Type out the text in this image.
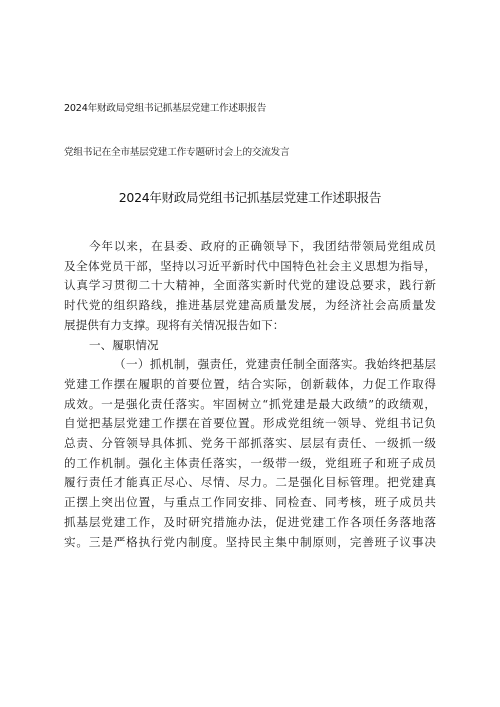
2024年财政局党组书记抓基层党建工作述职报告
党组书记在全市基层党建工作专题研讨会上的交流发言
2024年财政局党组书记抓基层党建工作述职报告
今年以来，在县委、政府的正确领导下，我团结带领局党组成员
及全体党员干部，坚持以习近平新时代中国特色社会主义思想为指导，
认真学习贯彻二十大精神，全面落实新时代党的建设总要求，践行新
时代党的组织路线，推进基层党建高质量发展，为经济社会高质量发
展提供有力支撑。现将有关情况报告如下：
一、履职情况
（一）抓机制，强责任，党建责任制全面落实。我始终把基层
党建工作摆在履职的首要位置，结合实际，创新载体，力促工作取得
成效。一是强化责任落实。牢固树立“抓党建是最大政绩”的政绩观，
自觉把基层党建工作摆在首要位置。形成党组统一领导、党组书记负
总责、分管领导具体抓、党务干部抓落实、层层有责任、一级抓一级
的工作机制。强化主体责任落实，一级带一级，党组班子和班子成员
履行责任才能真正尽心、尽情、尽力。二是强化目标管理。把党建真
正摆上突出位置，与重点工作同安排、同检查、同考核，班子成员共
抓基层党建工作，及时研究措施办法，促进党建工作各项任务落地落
实。三是严格执行党内制度。坚持民主集中制原则，完善班子议事决
